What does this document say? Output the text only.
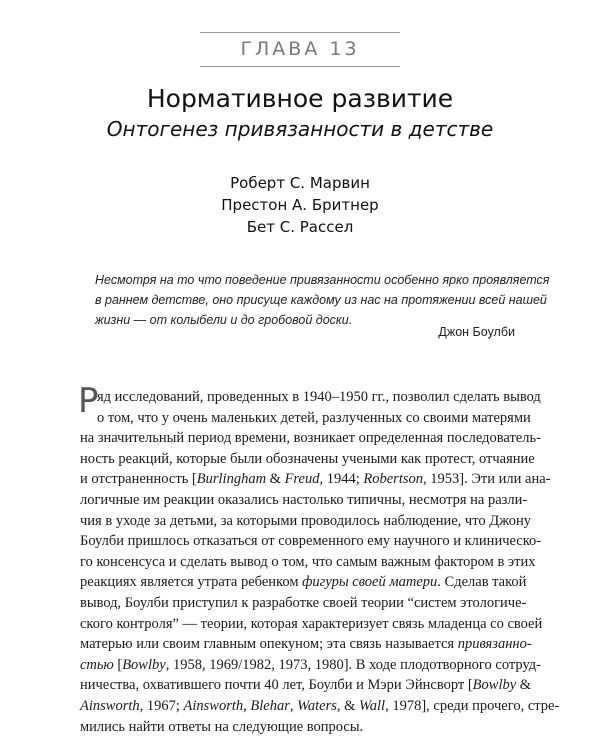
ГЛАВА 13
Нормативное развитие
Онтогенез привязанности в детстве
Роберт С. Марвин
Престон А. Бритнер
Бет С. Рассел
Несмотря на то что поведение привязанности особенно ярко проявляется
в раннем детстве, оно присуще каждому из нас на протяжении всей нашей
жизни — от колыбели и до гробовой доски.
Джон Боулби
Р
яд исследований, проведенных в 1940–1950 гг., позволил сделать вывод
о том, что у очень маленьких детей, разлученных со своими матерями
на значительный период времени, возникает определенная последователь-
ность реакций, которые были обозначены учеными как протест, отчаяние
и отстраненность [Burlingham & Freud, 1944; Robertson, 1953]. Эти или ана-
логичные им реакции оказались настолько типичны, несмотря на разли-
чия в уходе за детьми, за которыми проводилось наблюдение, что Джону
Боулби пришлось отказаться от современного ему научного и клиническо-
го консенсуса и сделать вывод о том, что самым важным фактором в этих
реакциях является утрата ребенком фигуры своей матери. Сделав такой
вывод, Боулби приступил к разработке своей теории “систем этологиче-
ского контроля” — теории, которая характеризует связь младенца со своей
матерью или своим главным опекуном; эта связь называется привязанно-
стью [Bowlby, 1958, 1969/1982, 1973, 1980]. В ходе плодотворного сотруд-
ничества, охватившего почти 40 лет, Боулби и Мэри Эйнсворт [Bowlby &
Ainsworth, 1967; Ainsworth, Blehar, Waters, & Wall, 1978], среди прочего, стре-
мились найти ответы на следующие вопросы.
